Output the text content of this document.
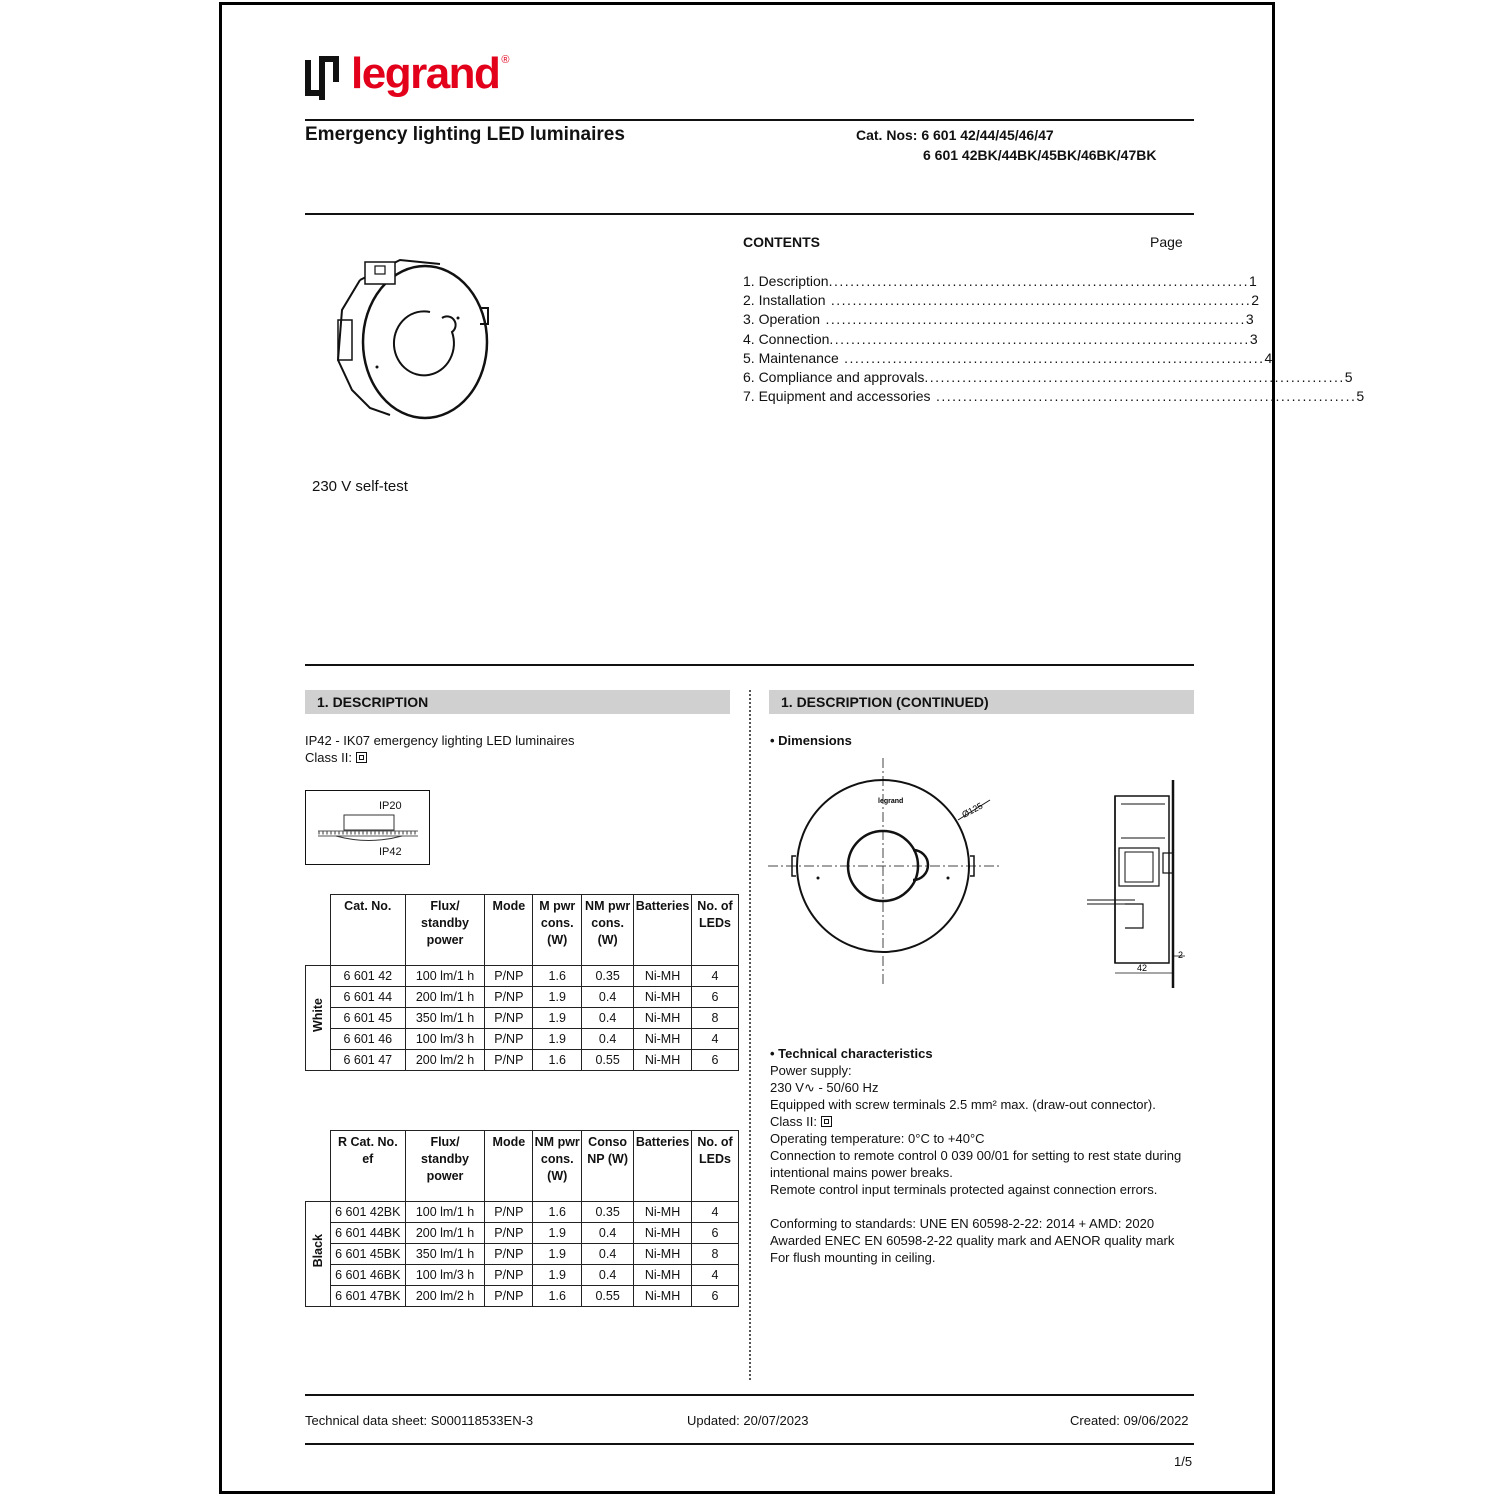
legrand ®
Emergency lighting LED luminaires	Cat. Nos: 6 601 42/44/45/46/47
6 601 42BK/44BK/45BK/46BK/47BK
CONTENTS	Page
1. Description .............................................................................. 1
2. Installation .............................................................................. 2
3. Operation .............................................................................. 3
4. Connection .............................................................................. 3
5. Maintenance .............................................................................. 4
6. Compliance and approvals .............................................................................. 5
7. Equipment and accessories .............................................................................. 5
230 V self-test
1. DESCRIPTION
IP42 - IK07 emergency lighting LED luminaires
Class II:
IP20
IP42
	Cat. No.	Flux/ standby power	Mode	M pwr cons. (W)	NM pwr cons. (W)	Batteries	No. of LEDs
White	6 601 42	100 lm/1 h	P/NP	1.6	0.35	Ni-MH	4
	6 601 44	200 lm/1 h	P/NP	1.9	0.4	Ni-MH	6
	6 601 45	350 lm/1 h	P/NP	1.9	0.4	Ni-MH	8
	6 601 46	100 lm/3 h	P/NP	1.9	0.4	Ni-MH	4
	6 601 47	200 lm/2 h	P/NP	1.6	0.55	Ni-MH	6
	R Cat. No. ef	Flux/ standby power	Mode	NM pwr cons. (W)	Conso NP (W)	Batteries	No. of LEDs
Black	6 601 42BK	100 lm/1 h	P/NP	1.6	0.35	Ni-MH	4
	6 601 44BK	200 lm/1 h	P/NP	1.9	0.4	Ni-MH	6
	6 601 45BK	350 lm/1 h	P/NP	1.9	0.4	Ni-MH	8
	6 601 46BK	100 lm/3 h	P/NP	1.9	0.4	Ni-MH	4
	6 601 47BK	200 lm/2 h	P/NP	1.6	0.55	Ni-MH	6
1. DESCRIPTION (CONTINUED)
• Dimensions
legrand	Ø125
42
2
• Technical characteristics
Power supply:
230 V∿ - 50/60 Hz
Equipped with screw terminals 2.5 mm² max. (draw-out connector).
Class II:
Operating temperature: 0°C to +40°C
Connection to remote control 0 039 00/01 for setting to rest state during
intentional mains power breaks.
Remote control input terminals protected against connection errors.
Conforming to standards: UNE EN 60598-2-22: 2014 + AMD: 2020
Awarded ENEC EN 60598-2-22 quality mark and AENOR quality mark
For flush mounting in ceiling.
Technical data sheet: S000118533EN-3	Updated: 20/07/2023	Created: 09/06/2022
1/5
